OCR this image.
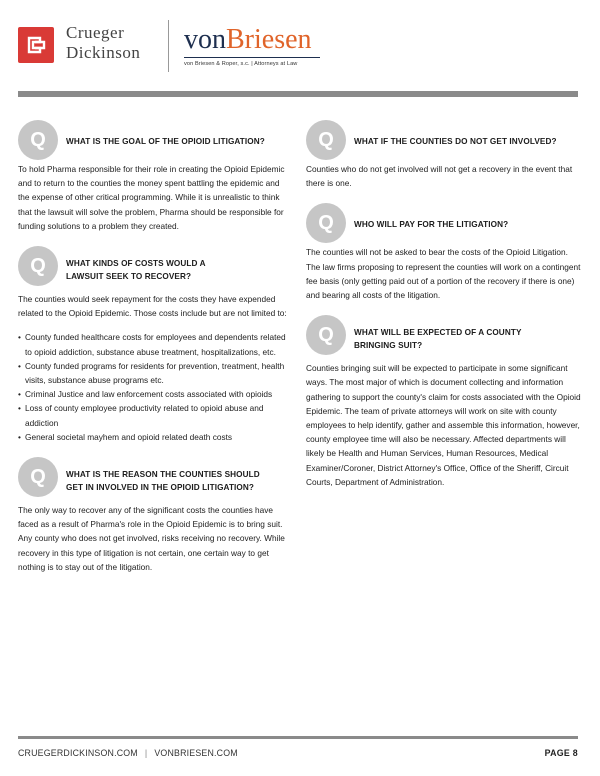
Crueger
Dickinson vonBriesen
von Briesen & Roper, s.c. | Attorneys at Law
Q	WHAT IS THE GOAL OF THE OPIOID LITIGATION?

To hold Pharma responsible for their role in creating the Opioid Epidemic and to return to the counties the money spent battling the epidemic and the expense of other critical programming. While it is unrealistic to think that the lawsuit will solve the problem, Pharma should be responsible for funding solutions to a problem they created.

Q	WHAT KINDS OF COSTS WOULD A
LAWSUIT SEEK TO RECOVER?

The counties would seek repayment for the costs they have expended related to the Opioid Epidemic. Those costs include but are not limited to:

• County funded healthcare costs for employees and dependents related to opioid addiction, substance abuse treatment, hospitalizations, etc.
• County funded programs for residents for prevention, treatment, health visits, substance abuse programs etc.
• Criminal Justice and law enforcement costs associated with opioids
• Loss of county employee productivity related to opioid abuse and addiction
• General societal mayhem and opioid related death costs
Q	WHAT IS THE REASON THE COUNTIES SHOULD
GET IN INVOLVED IN THE OPIOID LITIGATION?

The only way to recover any of the significant costs the counties have faced as a result of Pharma's role in the Opioid Epidemic is to bring suit. Any county who does not get involved, risks receiving no recovery. While recovery in this type of litigation is not certain, one certain way to get nothing is to stay out of the litigation.

Q	WHAT IF THE COUNTIES DO NOT GET INVOLVED?

Counties who do not get involved will not get a recovery in the event that there is one.

Q	WHO WILL PAY FOR THE LITIGATION?

The counties will not be asked to bear the costs of the Opioid Litigation. The law firms proposing to represent the counties will work on a contingent fee basis (only getting paid out of a portion of the recovery if there is one) and bearing all costs of the litigation.

Q	WHAT WILL BE EXPECTED OF A COUNTY
BRINGING SUIT?

Counties bringing suit will be expected to participate in some significant ways. The most major of which is document collecting and information gathering to support the county's claim for costs associated with the Opioid Epidemic. The team of private attorneys will work on site with county employees to help identify, gather and assemble this information, however, county employee time will also be necessary. Affected departments will likely be Health and Human Services, Human Resources, Medical Examiner/Coroner, District Attorney's Office, Office of the Sheriff, Circuit Courts, Department of Administration.

CRUEGERDICKINSON.COM | VONBRIESEN.COM	PAGE 8
